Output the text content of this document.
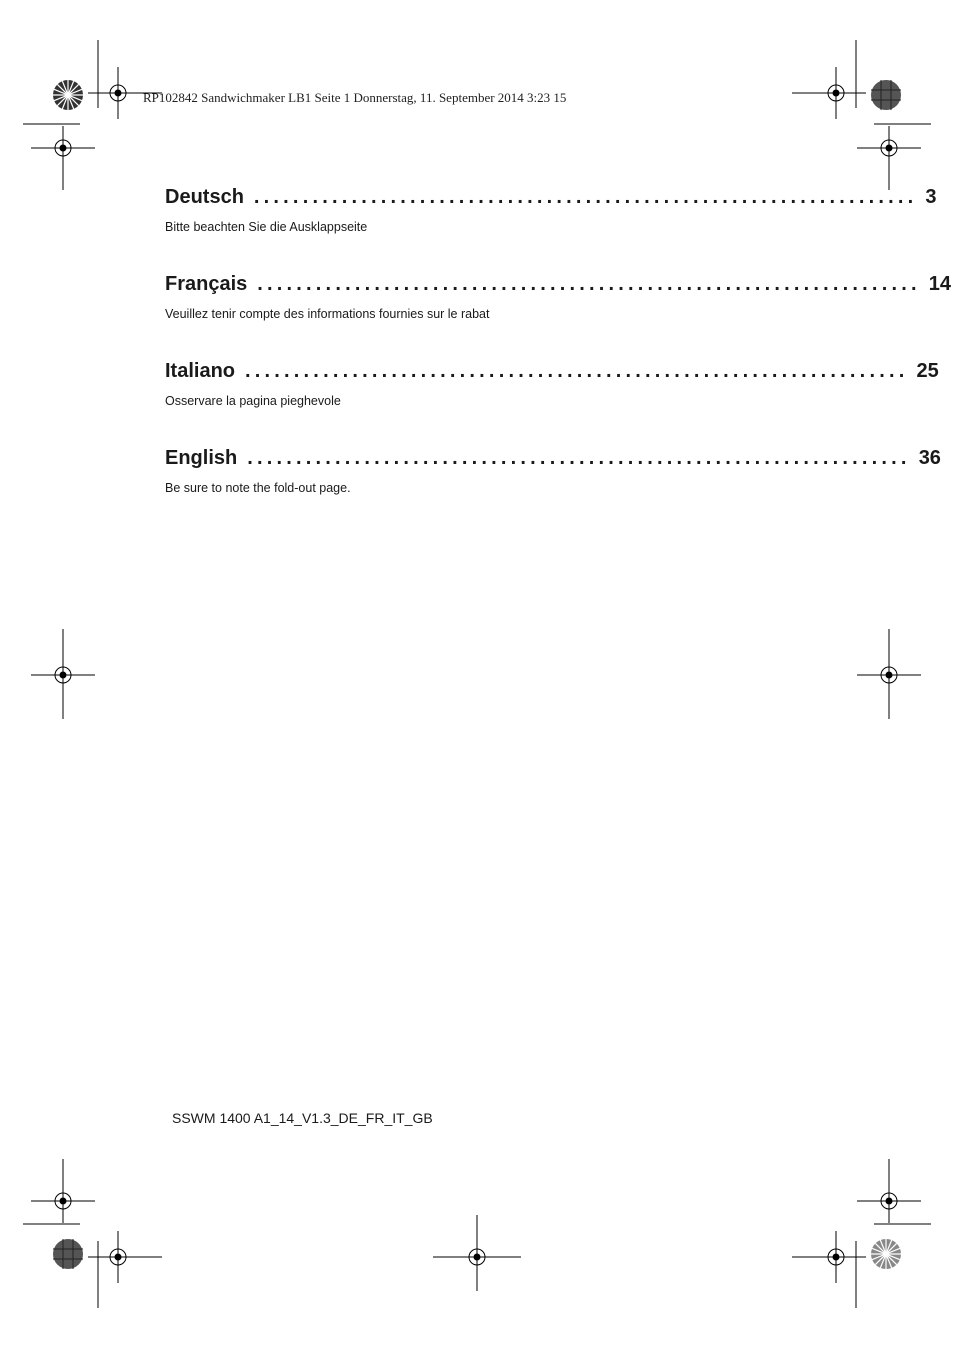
RP102842 Sandwichmaker LB1 Seite 1 Donnerstag, 11. September 2014 3:23 15
Deutsch .................................................................... 3
Bitte beachten Sie die Ausklappseite
Français .................................................................... 14
Veuillez tenir compte des informations fournies sur le rabat
Italiano .................................................................... 25
Osservare la pagina pieghevole
English .................................................................... 36
Be sure to note the fold-out page.
SSWM 1400 A1_14_V1.3_DE_FR_IT_GB
